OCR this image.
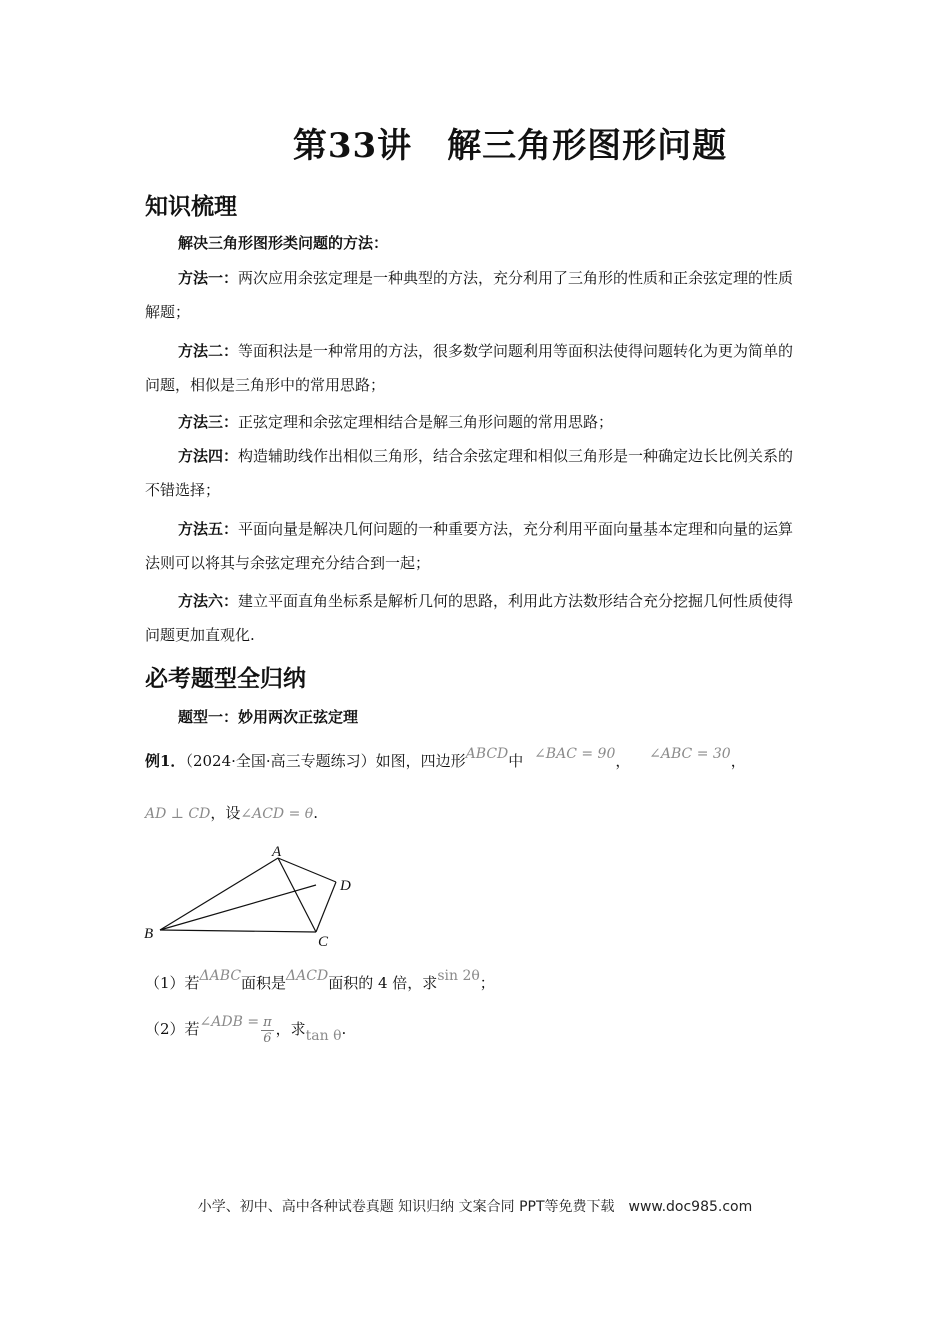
第33讲　解三角形图形问题
知识梳理
解决三角形图形类问题的方法：
方法一：两次应用余弦定理是一种典型的方法，充分利用了三角形的性质和正余弦定理的性质解题；
方法二：等面积法是一种常用的方法，很多数学问题利用等面积法使得问题转化为更为简单的问题，相似是三角形中的常用思路；
方法三：正弦定理和余弦定理相结合是解三角形问题的常用思路；
方法四：构造辅助线作出相似三角形，结合余弦定理和相似三角形是一种确定边长比例关系的不错选择；
方法五：平面向量是解决几何问题的一种重要方法，充分利用平面向量基本定理和向量的运算法则可以将其与余弦定理充分结合到一起；
方法六：建立平面直角坐标系是解析几何的思路，利用此方法数形结合充分挖掘几何性质使得问题更加直观化.
必考题型全归纳
题型一：妙用两次正弦定理
例1．（2024·全国·高三专题练习）如图，四边形ABCD中 ∠BAC = 90， ∠ABC = 30，
AD ⊥ CD，设∠ACD = θ.
A
B	C
D
（1）若ΔABC面积是ΔACD面积的 4 倍，求sin 2θ；
（2）若∠ADB = $\frac{\pi}{6}$ ，求tan θ.
小学、初中、高中各种试卷真题 知识归纳 文案合同 PPT等免费下载　www.doc985.com
